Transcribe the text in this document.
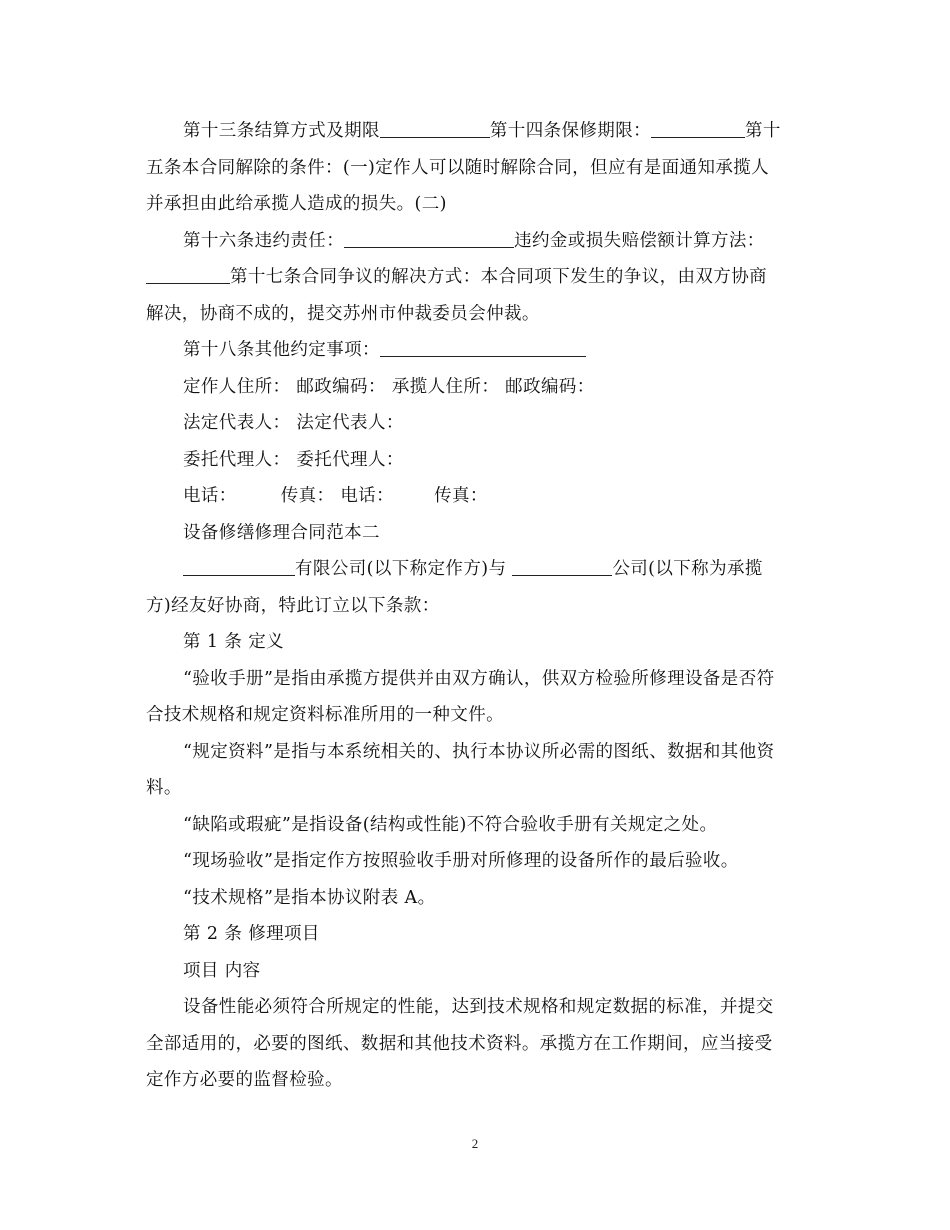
第十三条结算方式及期限	第十四条保修期限：	第十

五条本合同解除的条件：(一)定作人可以随时解除合同，但应有是面通知承揽人

并承担由此给承揽人造成的损失。(二)

第十六条违约责任：	违约金或损失赔偿额计算方法：

第十七条合同争议的解决方式：本合同项下发生的争议，由双方协商

解决，协商不成的，提交苏州市仲裁委员会仲裁。

第十八条其他约定事项：

定作人住所： 邮政编码： 承揽人住所： 邮政编码：

法定代表人： 法定代表人：

委托代理人： 委托代理人：

电话：	传真： 电话： 传真：

设备修缮修理合同范本二

有限公司(以下称定作方)与	公司(以下称为承揽

方)经友好协商，特此订立以下条款：

第 1 条 定义

“验收手册”是指由承揽方提供并由双方确认，供双方检验所修理设备是否符

合技术规格和规定资料标准所用的一种文件。

“规定资料”是指与本系统相关的、执行本协议所必需的图纸、数据和其他资

料。

“缺陷或瑕疵”是指设备(结构或性能)不符合验收手册有关规定之处。

“现场验收”是指定作方按照验收手册对所修理的设备所作的最后验收。

“技术规格”是指本协议附表 A。

第 2 条 修理项目

项目 内容

设备性能必须符合所规定的性能，达到技术规格和规定数据的标准，并提交

全部适用的，必要的图纸、数据和其他技术资料。承揽方在工作期间，应当接受

定作方必要的监督检验。

2
